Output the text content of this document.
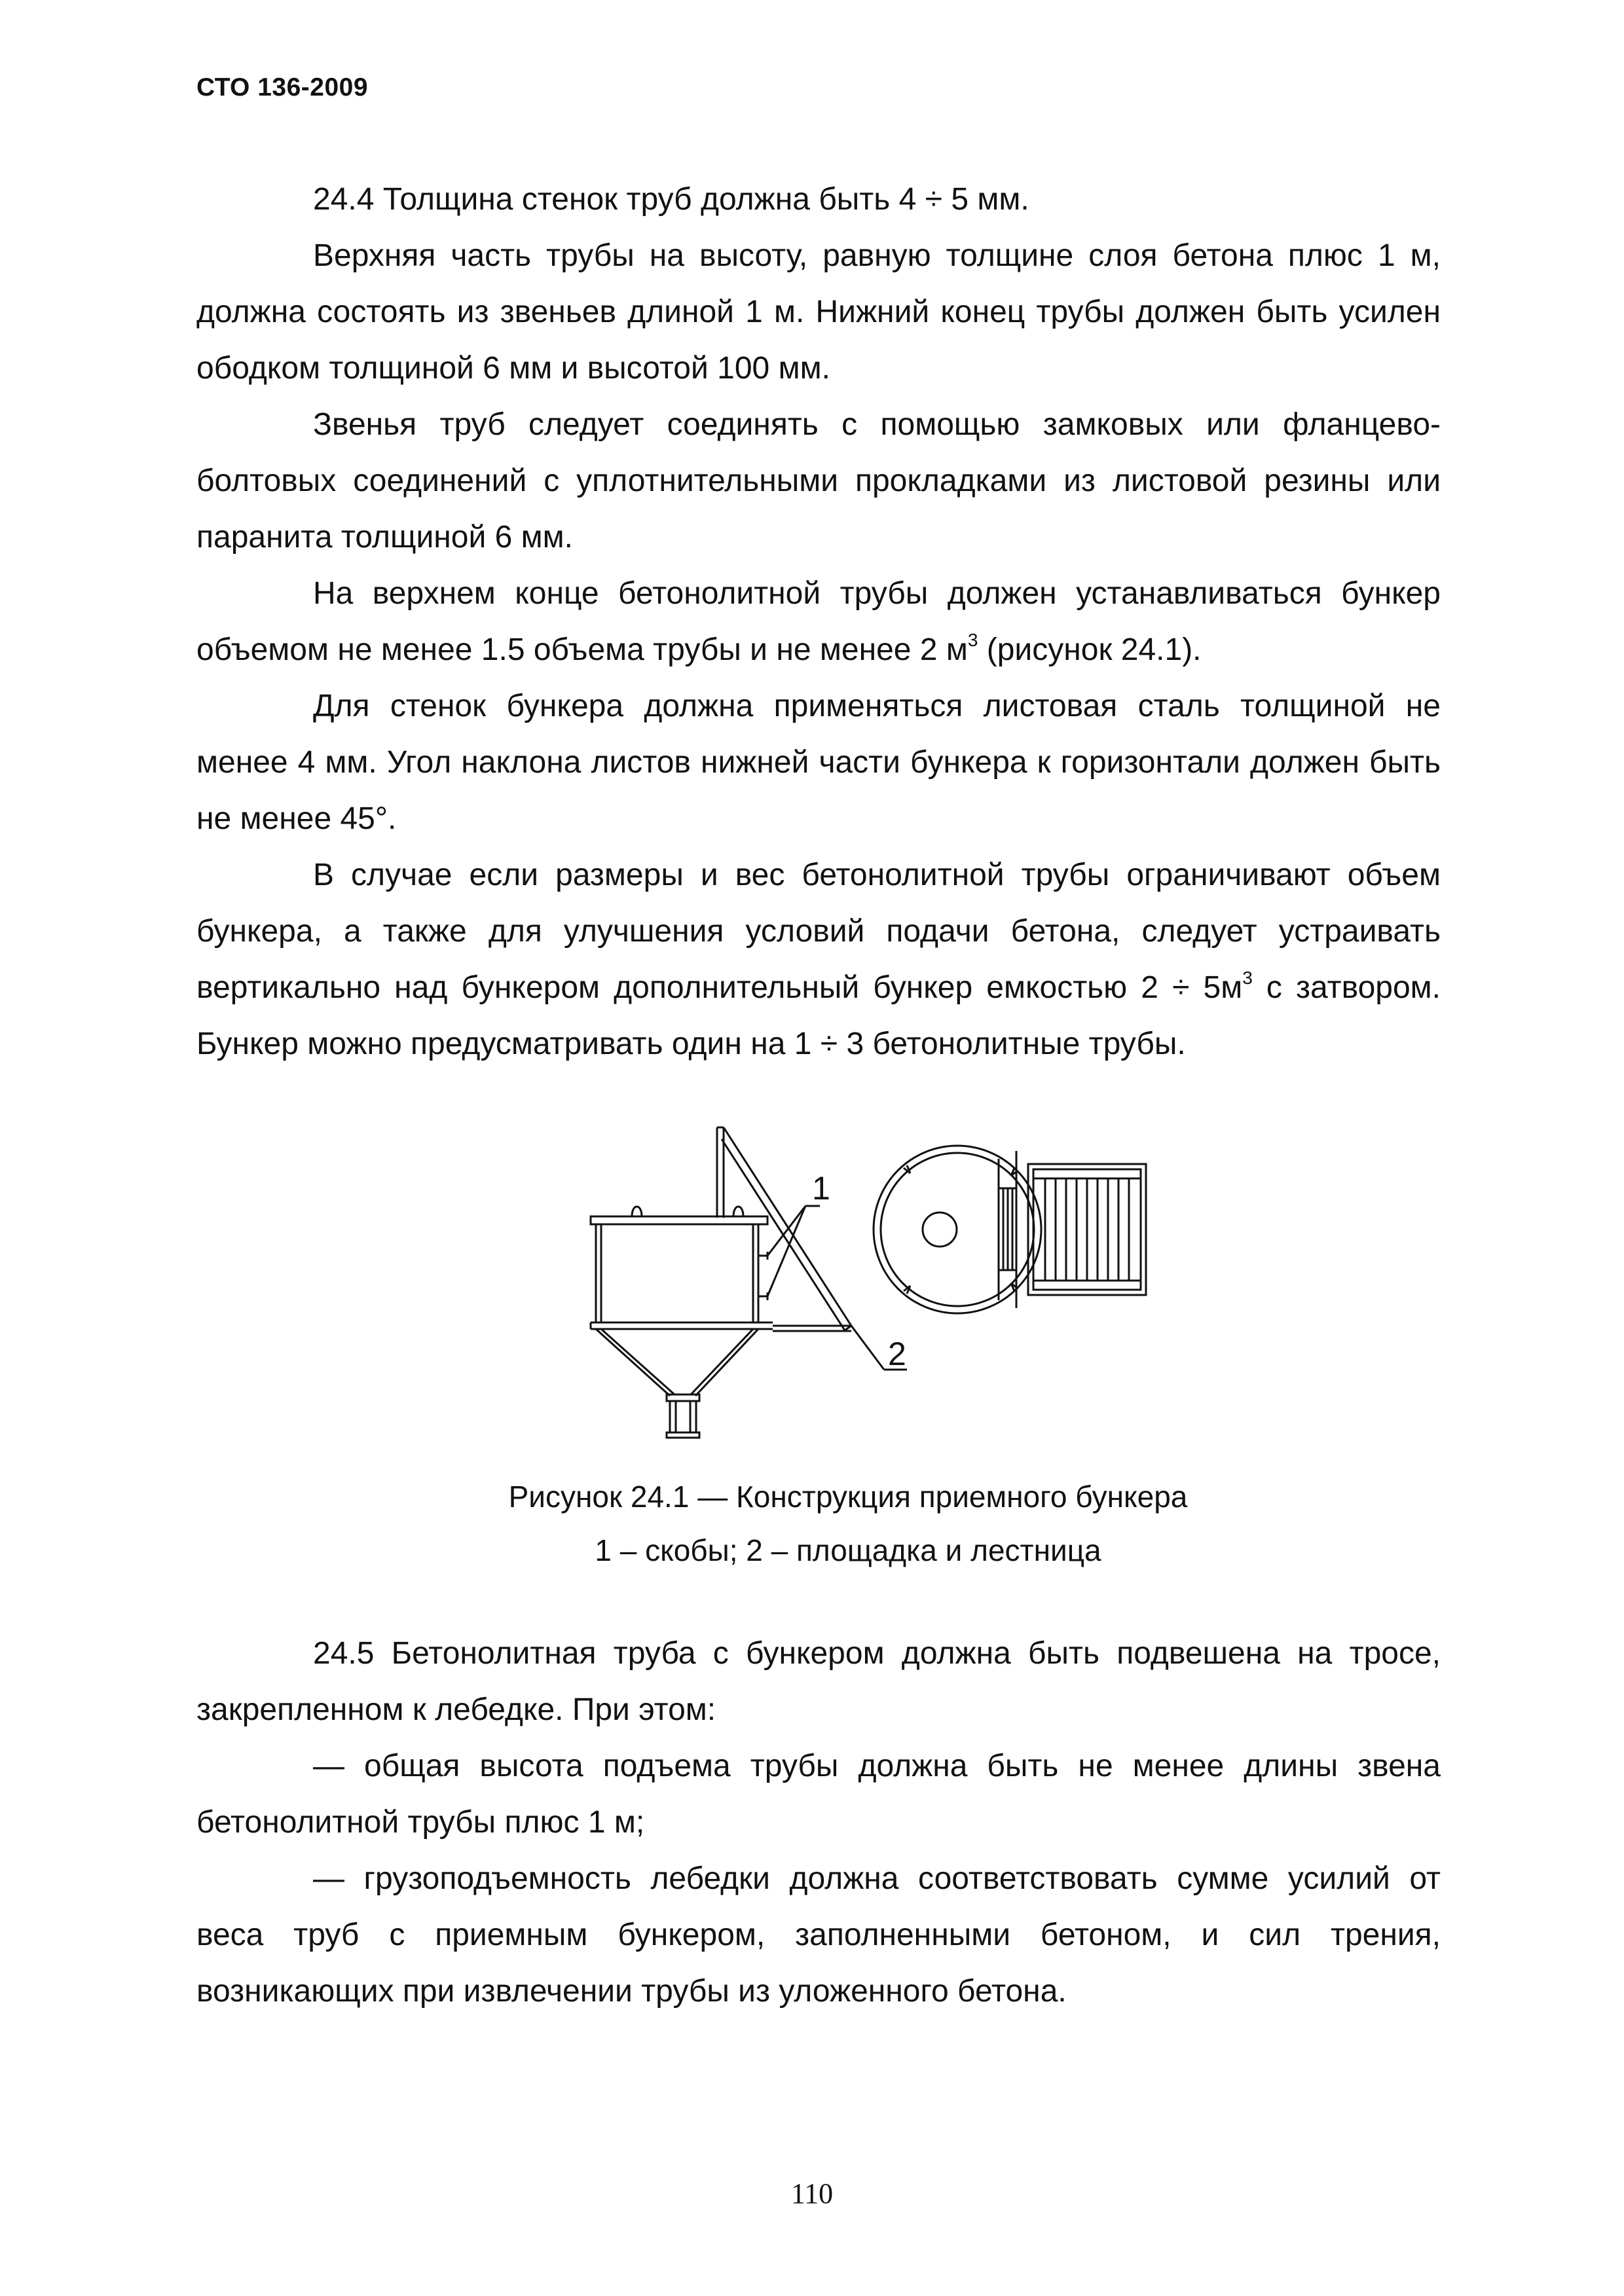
СТО 136-2009

24.4 Толщина стенок труб должна быть 4 ÷ 5 мм.

Верхняя часть трубы на высоту, равную толщине слоя бетона плюс 1 м, должна состоять из звеньев длиной 1 м. Нижний конец трубы должен быть усилен ободком толщиной 6 мм и высотой 100 мм.

Звенья труб следует соединять с помощью замковых или фланцево-болтовых соединений с уплотнительными прокладками из листовой резины или паранита толщиной 6 мм.

На верхнем конце бетонолитной трубы должен устанавливаться бункер объемом не менее 1.5 объема трубы и не менее 2 $м^3$ (рисунок 24.1).

Для стенок бункера должна применяться листовая сталь толщиной не менее 4 мм. Угол наклона листов нижней части бункера к горизонтали должен быть не менее 45°.

В случае если размеры и вес бетонолитной трубы ограничивают объем бункера, а также для улучшения условий подачи бетона, следует устраивать вертикально над бункером дополнительный бункер емкостью $2 \div 5м^3$ с затвором. Бункер можно предусматривать один на 1 ÷ 3 бетонолитные трубы.

1
2
Рисунок 24.1 — Конструкция приемного бункера
1 – скобы; 2 – площадка и лестница

24.5 Бетонолитная труба с бункером должна быть подвешена на тросе, закрепленном к лебедке. При этом:

— общая высота подъема трубы должна быть не менее длины звена бетонолитной трубы плюс 1 м;

— грузоподъемность лебедки должна соответствовать сумме усилий от веса труб с приемным бункером, заполненными бетоном, и сил трения, возникающих при извлечении трубы из уложенного бетона.

110
